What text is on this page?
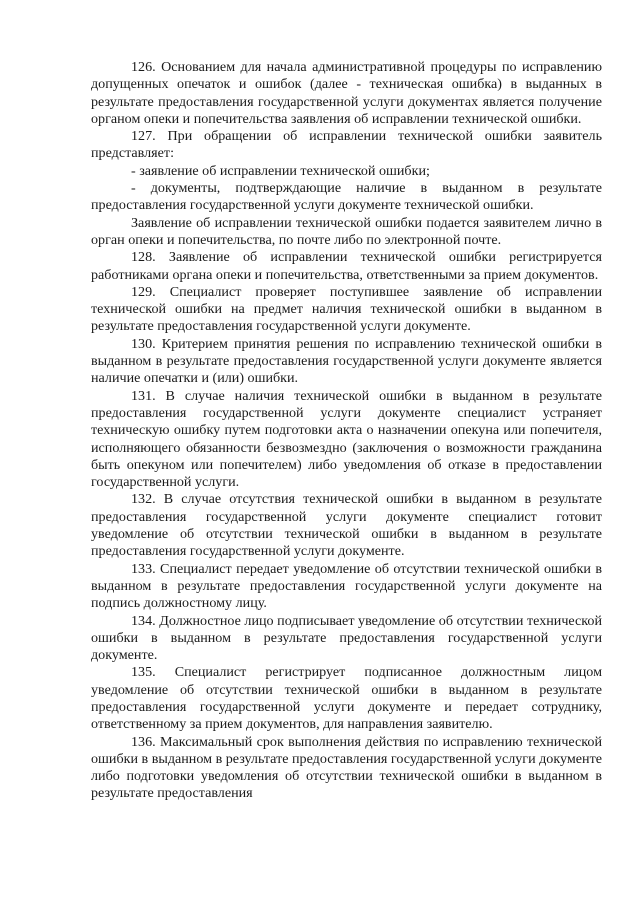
126. Основанием для начала административной процедуры по исправлению допущенных опечаток и ошибок (далее - техническая ошибка) в выданных в результате предоставления государственной услуги документах является получение органом опеки и попечительства заявления об исправлении технической ошибки.

127. При обращении об исправлении технической ошибки заявитель представляет:

- заявление об исправлении технической ошибки;

- документы, подтверждающие наличие в выданном в результате предоставления государственной услуги документе технической ошибки.

Заявление об исправлении технической ошибки подается заявителем лично в орган опеки и попечительства, по почте либо по электронной почте.

128. Заявление об исправлении технической ошибки регистрируется работниками органа опеки и попечительства, ответственными за прием документов.

129. Специалист проверяет поступившее заявление об исправлении технической ошибки на предмет наличия технической ошибки в выданном в результате предоставления государственной услуги документе.

130. Критерием принятия решения по исправлению технической ошибки в выданном в результате предоставления государственной услуги документе является наличие опечатки и (или) ошибки.

131. В случае наличия технической ошибки в выданном в результате предоставления государственной услуги документе специалист устраняет техническую ошибку путем подготовки акта о назначении опекуна или попечителя, исполняющего обязанности безвозмездно (заключения о возможности гражданина быть опекуном или попечителем) либо уведомления об отказе в предоставлении государственной услуги.

132. В случае отсутствия технической ошибки в выданном в результате предоставления государственной услуги документе специалист готовит уведомление об отсутствии технической ошибки в выданном в результате предоставления государственной услуги документе.

133. Специалист передает уведомление об отсутствии технической ошибки в выданном в результате предоставления государственной услуги документе на подпись должностному лицу.

134. Должностное лицо подписывает уведомление об отсутствии технической ошибки в выданном в результате предоставления государственной услуги документе.

135. Специалист регистрирует подписанное должностным лицом уведомление об отсутствии технической ошибки в выданном в результате предоставления государственной услуги документе и передает сотруднику, ответственному за прием документов, для направления заявителю.

136. Максимальный срок выполнения действия по исправлению технической ошибки в выданном в результате предоставления государственной услуги документе либо подготовки уведомления об отсутствии технической ошибки в выданном в результате предоставления
